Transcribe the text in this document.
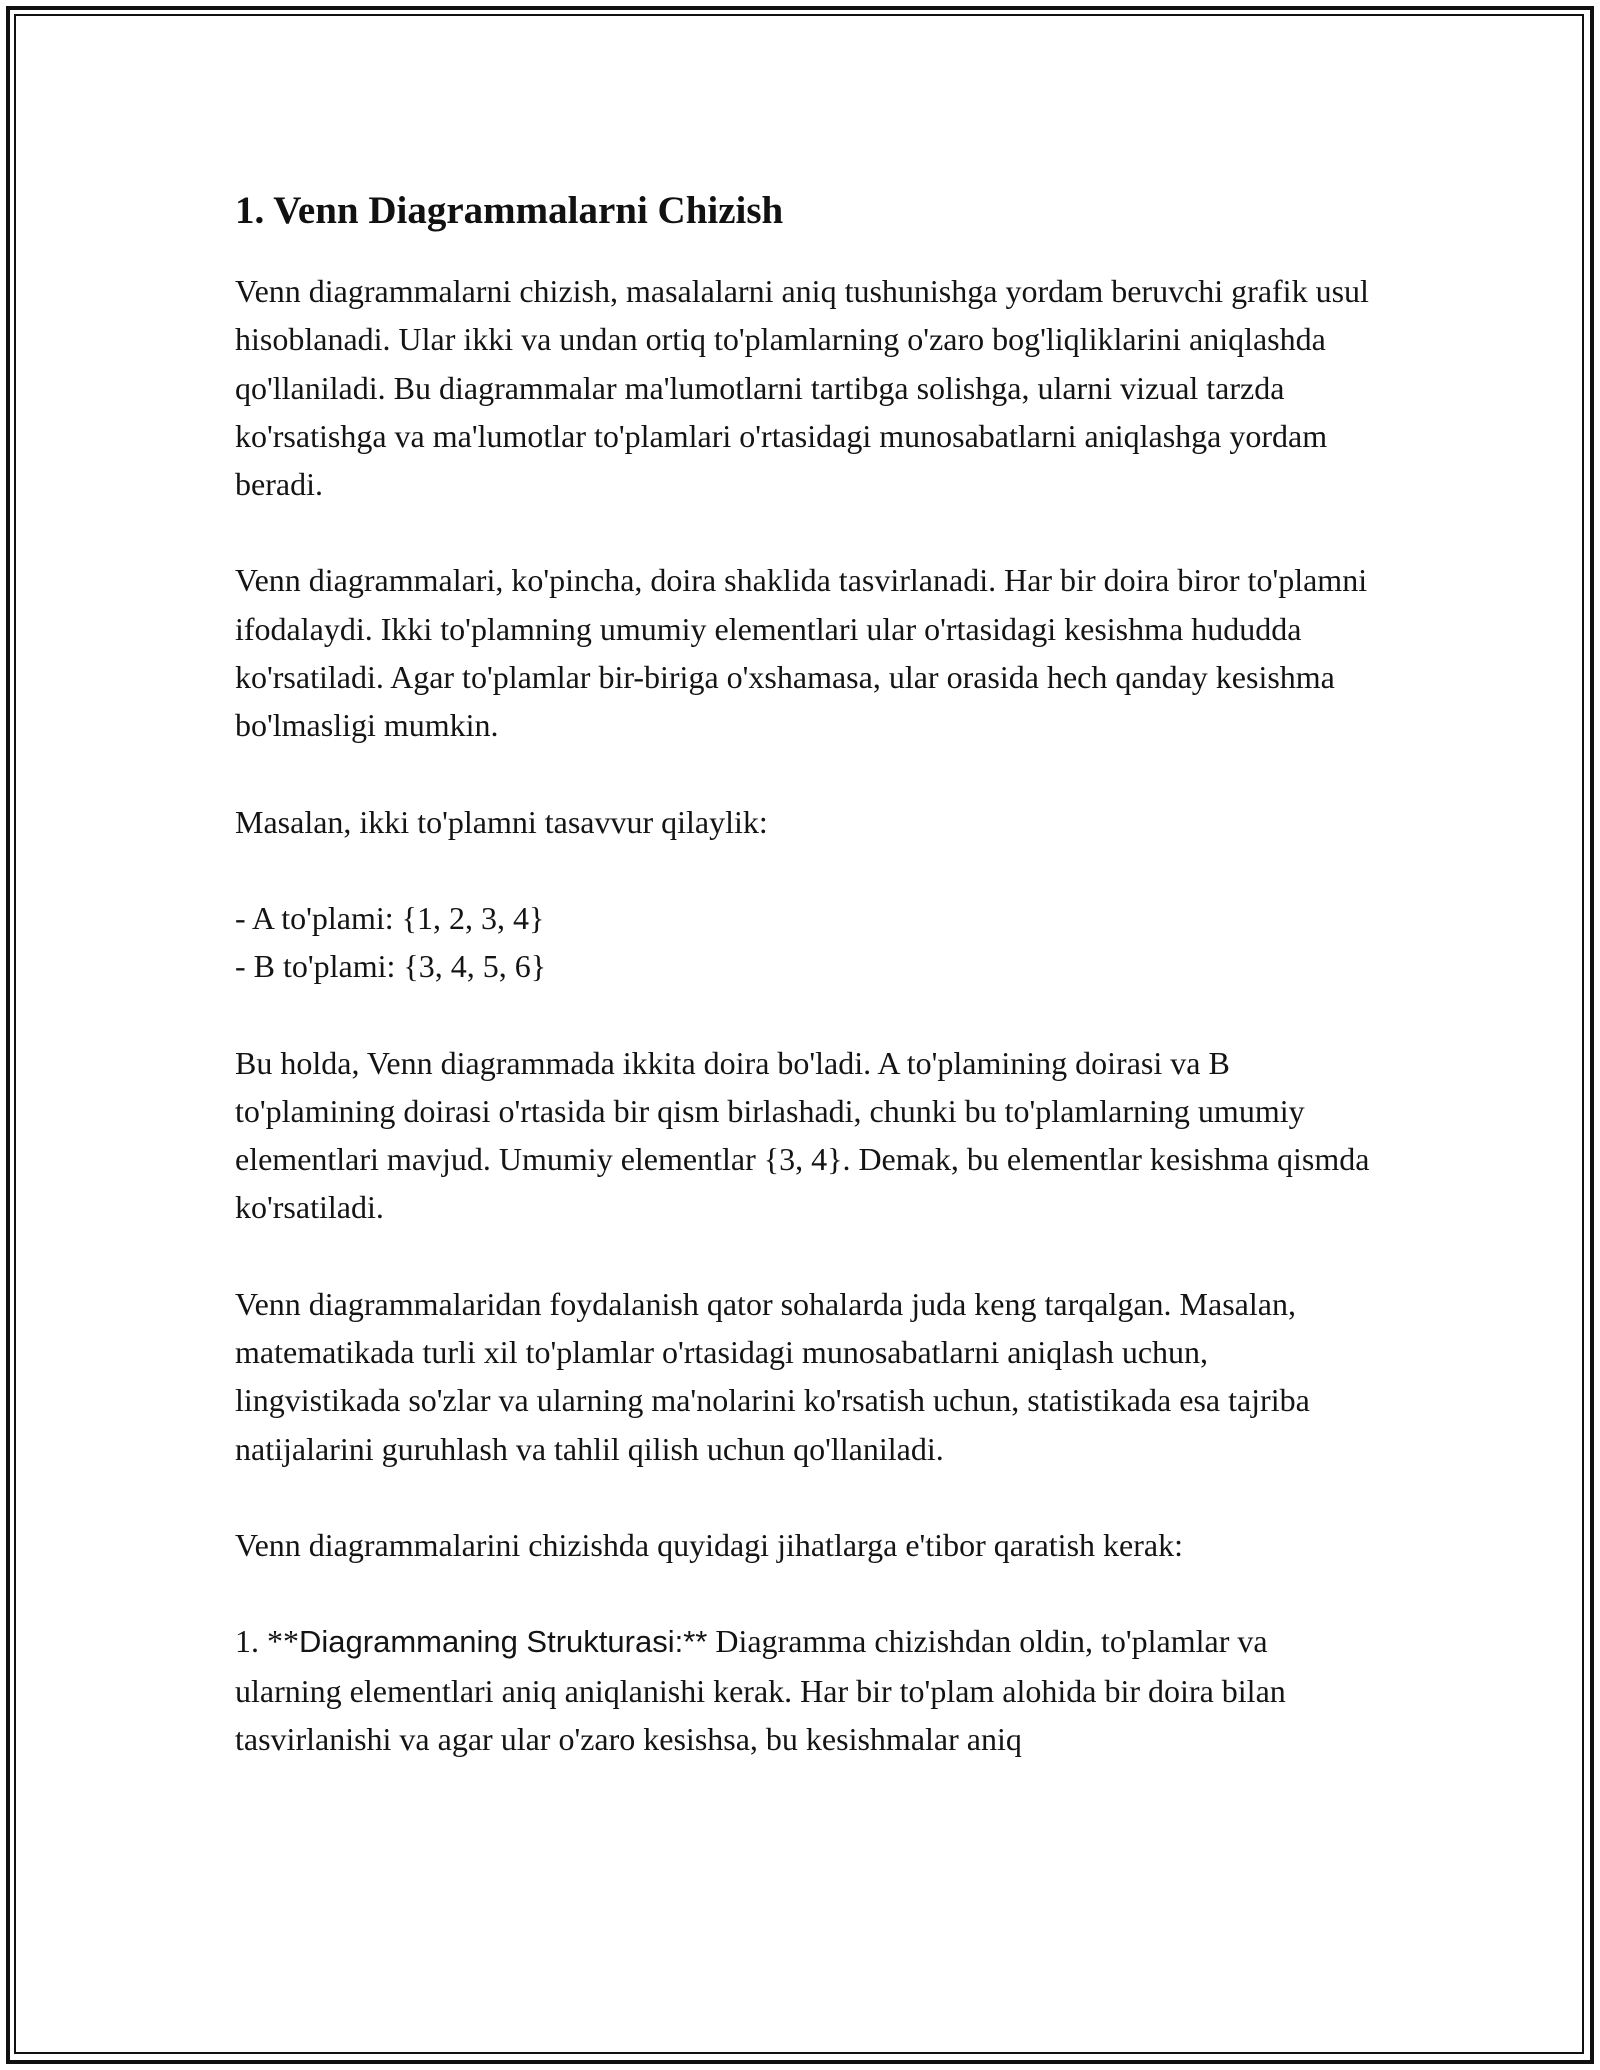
1. Venn Diagrammalarni Chizish

Venn diagrammalarni chizish, masalalarni aniq tushunishga yordam beruvchi grafik usul hisoblanadi. Ular ikki va undan ortiq to'plamlarning o'zaro bog'liqliklarini aniqlashda qo'llaniladi. Bu diagrammalar ma'lumotlarni tartibga solishga, ularni vizual tarzda ko'rsatishga va ma'lumotlar to'plamlari o'rtasidagi munosabatlarni aniqlashga yordam beradi.

Venn diagrammalari, ko'pincha, doira shaklida tasvirlanadi. Har bir doira biror to'plamni ifodalaydi. Ikki to'plamning umumiy elementlari ular o'rtasidagi kesishma hududda ko'rsatiladi. Agar to'plamlar bir-biriga o'xshamasa, ular orasida hech qanday kesishma bo'lmasligi mumkin.

Masalan, ikki to'plamni tasavvur qilaylik:

- A to'plami: {1, 2, 3, 4}
- B to'plami: {3, 4, 5, 6}

Bu holda, Venn diagrammada ikkita doira bo'ladi. A to'plamining doirasi va B to'plamining doirasi o'rtasida bir qism birlashadi, chunki bu to'plamlarning umumiy elementlari mavjud. Umumiy elementlar {3, 4}. Demak, bu elementlar kesishma qismda ko'rsatiladi.

Venn diagrammalaridan foydalanish qator sohalarda juda keng tarqalgan. Masalan, matematikada turli xil to'plamlar o'rtasidagi munosabatlarni aniqlash uchun, lingvistikada so'zlar va ularning ma'nolarini ko'rsatish uchun, statistikada esa tajriba natijalarini guruhlash va tahlil qilish uchun qo'llaniladi.

Venn diagrammalarini chizishda quyidagi jihatlarga e'tibor qaratish kerak:

1. **Diagrammaning Strukturasi:** Diagramma chizishdan oldin, to'plamlar va ularning elementlari aniq aniqlanishi kerak. Har bir to'plam alohida bir doira bilan tasvirlanishi va agar ular o'zaro kesishsa, bu kesishmalar aniq
